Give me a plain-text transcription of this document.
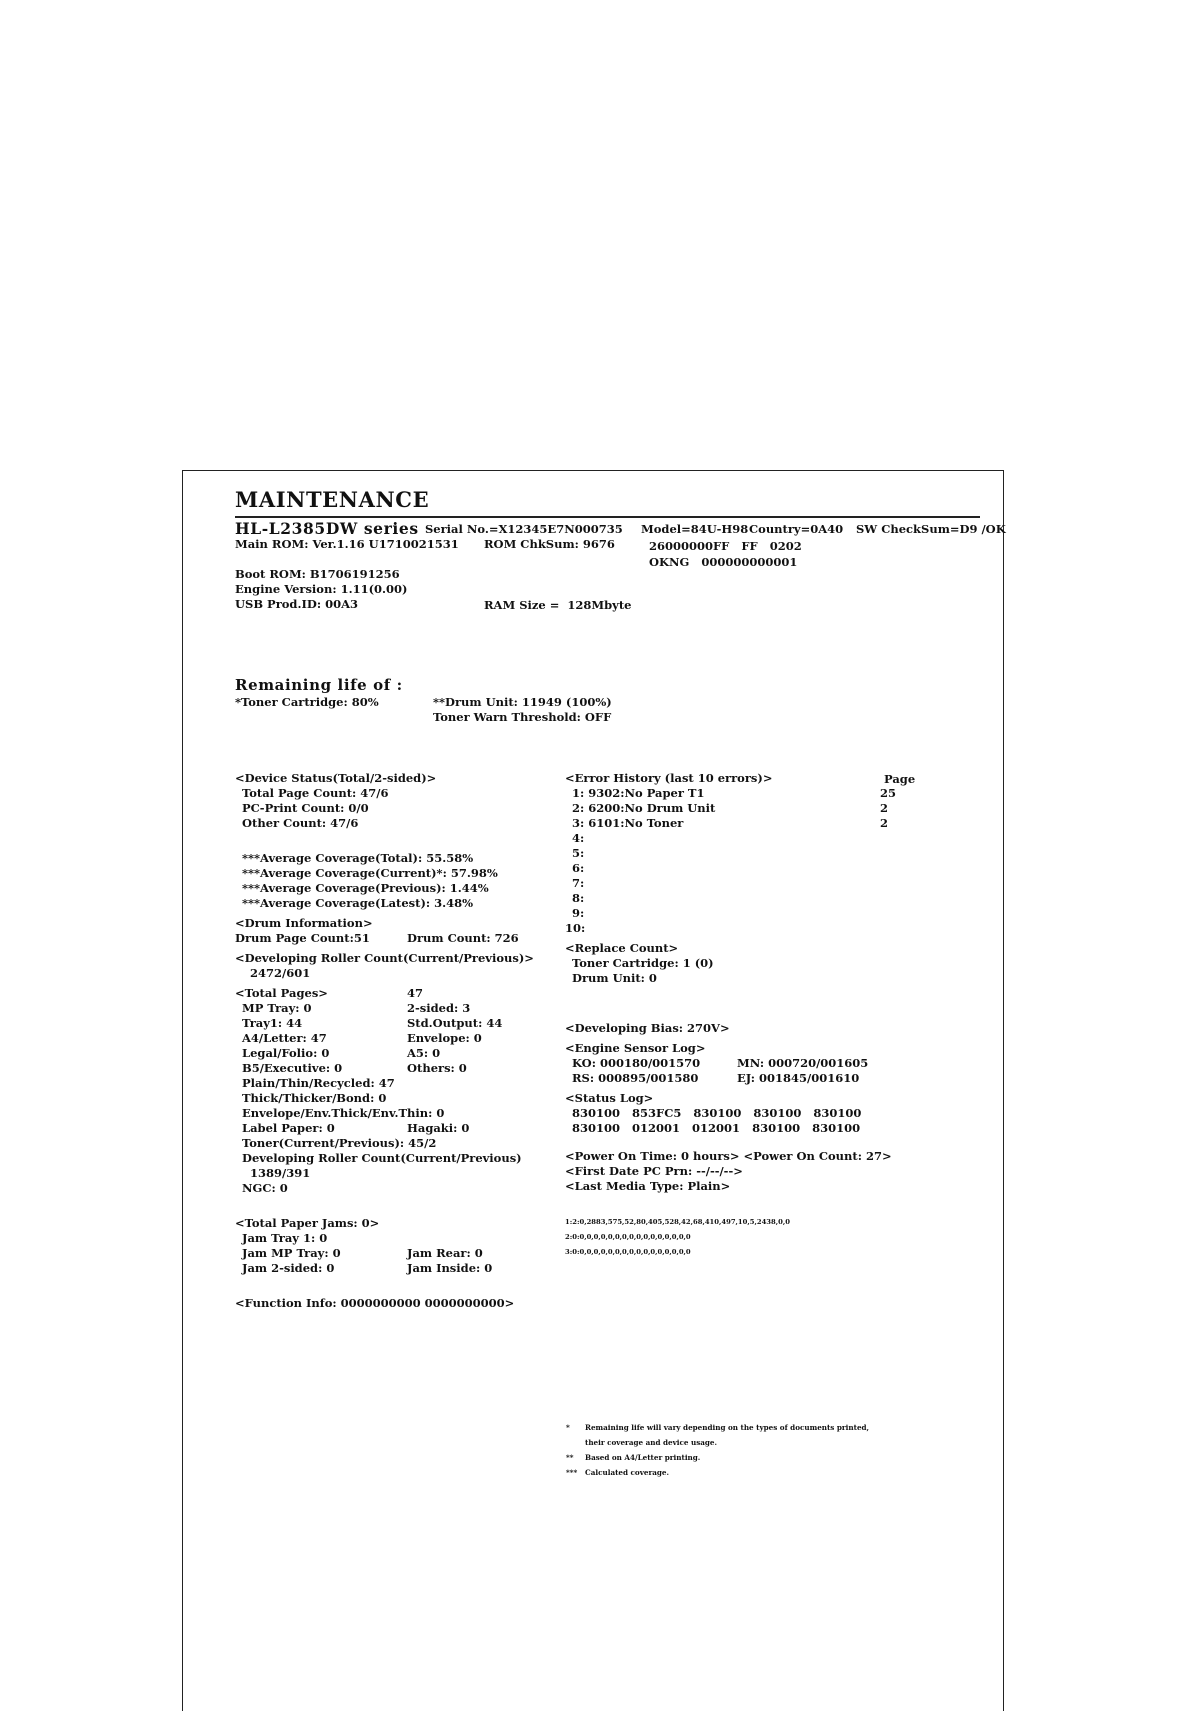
MAINTENANCE
HL-L2385DW series Serial No.=X12345E7N000735 Model=84U-H98 Country=0A40 SW CheckSum=D9 /OK
Main ROM: Ver.1.16 U1710021531 ROM ChkSum: 9676	26000000FF   FF   0202
OKNG   000000000001
Boot ROM: B1706191256
Engine Version: 1.11(0.00)
USB Prod.ID: 00A3	RAM Size =  128Mbyte
Remaining life of :
*Toner Cartridge: 80%	**Drum Unit: 11949 (100%)
Toner Warn Threshold: OFF
<Device Status(Total/2-sided)>
Total Page Count: 47/6
PC-Print Count: 0/0
Other Count: 47/6
***Average Coverage(Total): 55.58%
***Average Coverage(Current)*: 57.98%
***Average Coverage(Previous): 1.44%
***Average Coverage(Latest): 3.48%
<Drum Information>
Drum Page Count:51	Drum Count: 726
<Developing Roller Count(Current/Previous)>
2472/601
<Total Pages>	47
MP Tray: 0	2-sided: 3
Tray1: 44	Std.Output: 44
A4/Letter: 47	Envelope: 0
Legal/Folio: 0	A5: 0
B5/Executive: 0	Others: 0
Plain/Thin/Recycled: 47
Thick/Thicker/Bond: 0
Envelope/Env.Thick/Env.Thin: 0
Label Paper: 0	Hagaki: 0
Toner(Current/Previous): 45/2
Developing Roller Count(Current/Previous)
1389/391
NGC: 0
<Total Paper Jams: 0>
Jam Tray 1: 0
Jam MP Tray: 0	Jam Rear: 0
Jam 2-sided: 0	Jam Inside: 0
<Function Info: 0000000000 0000000000>
<Error History (last 10 errors)>	Page
1: 9302:No Paper T1	25
2: 6200:No Drum Unit	2
3: 6101:No Toner	2
4:
5:
6:
7:
8:
9:
10:
<Replace Count>
Toner Cartridge: 1 (0)
Drum Unit: 0
<Developing Bias: 270V>
<Engine Sensor Log>
KO: 000180/001570	MN: 000720/001605
RS: 000895/001580	EJ: 001845/001610
<Status Log>
830100   853FC5   830100   830100   830100
830100   012001   012001   830100   830100
<Power On Time: 0 hours> <Power On Count: 27>
<First Date PC Prn: --/--/-->
<Last Media Type: Plain>
1:2:0,2883,575,52,80,405,528,42,68,410,497,10,5,2438,0,0
2:0:0,0,0,0,0,0,0,0,0,0,0,0,0,0,0,0
3:0:0,0,0,0,0,0,0,0,0,0,0,0,0,0,0,0
* Remaining life will vary depending on the types of documents printed,
their coverage and device usage.
** Based on A4/Letter printing.
*** Calculated coverage.
